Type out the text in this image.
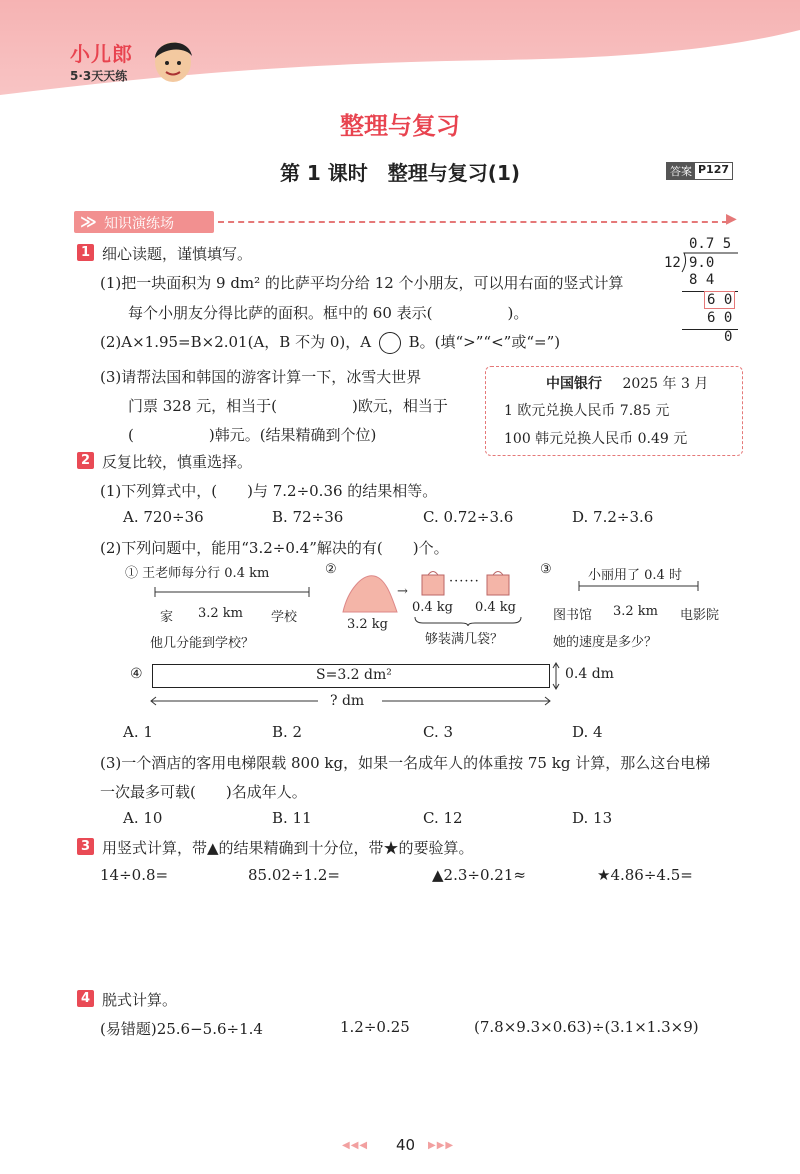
小儿郎
5·3天天练
整理与复习
第 1 课时　整理与复习(1)	答案 P127
≫ 知识演练场	▶
1 细心读题，谨慎填写。
(1)把一块面积为 9 dm² 的比萨平均分给 12 个小朋友，可以用右面的竖式计算
每个小朋友分得比萨的面积。框中的 60 表示(　　　　　)。
(2)A×1.95=B×2.01(A，B 不为 0)，A	B。(填“>”“<”或“=”)
(3)请帮法国和韩国的游客计算一下，冰雪大世界
门票 328 元，相当于(　　　　　)欧元，相当于
(　　　　　)韩元。(结果精确到个位)
0.7 5
12 9.0
8 4
6 0
6 0
0
中国银行 2025 年 3 月
1 欧元兑换人民币 7.85 元
100 韩元兑换人民币 0.49 元
2 反复比较，慎重选择。
(1)下列算式中，(　　)与 7.2÷0.36 的结果相等。
A. 720÷36	B. 72÷36	C. 0.72÷3.6	D. 7.2÷3.6
(2)下列问题中，能用“3.2÷0.4”解决的有(　　)个。
① 王老师每分行 0.4 km
家 3.2 km 学校
他几分能到学校？
②
3.2 kg
→
······
0.4 kg 0.4 kg
够装满几袋？
③	小丽用了 0.4 时
图书馆 3.2 km 电影院
她的速度是多少？
④	S=3.2 dm²	0.4 dm
? dm
A. 1	B. 2	C. 3	D. 4
(3)一个酒店的客用电梯限载 800 kg，如果一名成年人的体重按 75 kg 计算，那么这台电梯
一次最多可载(　　)名成年人。
A. 10	B. 11	C. 12	D. 13
3 用竖式计算，带▲的结果精确到十分位，带★的要验算。
14÷0.8=	85.02÷1.2=	▲2.3÷0.21≈	★4.86÷4.5=
4 脱式计算。
(易错题)25.6−5.6÷1.4	1.2÷0.25	(7.8×9.3×0.63)÷(3.1×1.3×9)
◀◀◀ 40 ▶▶▶
